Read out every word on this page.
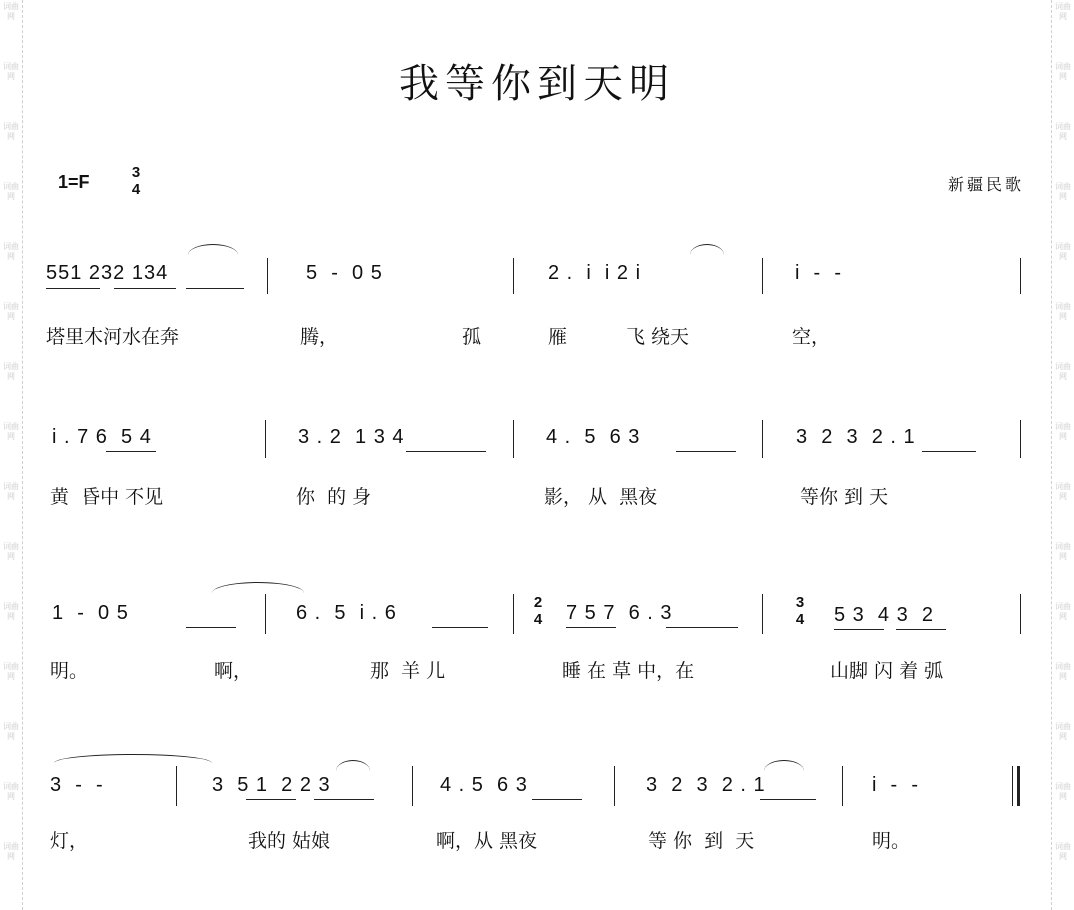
词曲网
词曲网
词曲网
词曲网
词曲网
词曲网
词曲网
词曲网
词曲网
词曲网
词曲网
词曲网
词曲网
词曲网
词曲网
词曲网
词曲网
词曲网
词曲网
词曲网
词曲网
词曲网
词曲网
词曲网
词曲网
词曲网
词曲网
词曲网
词曲网
词曲网
我等你到天明
1=F	3
4	新疆民歌
551 232 134	5  -  0 5	2 .  i  i 2 i	i  -  -
塔里木河水在奔	腾，	孤	雁	飞 绕天	空，
i . 7 6  5 4	3 . 2  1 3 4	4 .  5  6 3	3  2  3  2 . 1
黄  昏中 不见	你  的 身	影， 从  黑夜	等你 到 天
1  -  0 5	6 .  5  i . 6	2
4 7 5 7  6 . 3	3
4 5 3  4 3  2
明。	啊，	那  羊 儿	睡 在 草 中，在	山脚 闪 着 弧
3  -  -	3  5 1  2 2 3	4 . 5  6 3	3  2  3  2 . 1	i  -  -
灯，	我的 姑娘	啊，从 黑夜	等 你  到  天	明。
